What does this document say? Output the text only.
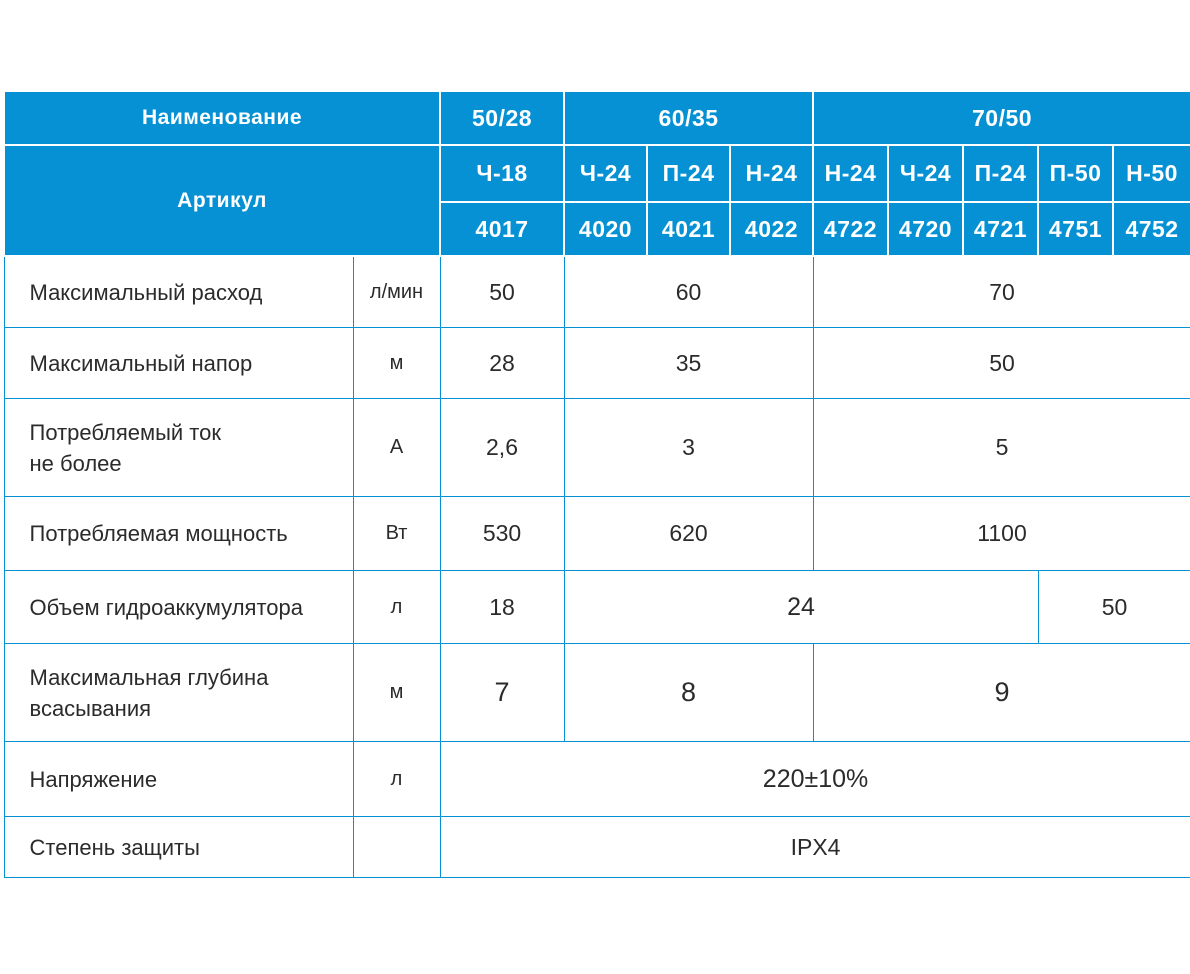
Наименование		50/28	60/35			70/50				
Артикул		Ч-18	Ч-24	П-24	Н-24	Н-24	Ч-24	П-24	П-50	Н-50
		4017	4020	4021	4022	4722	4720	4721	4751	4752
Максимальный расход	л/мин	50	60			70				
Максимальный напор	м	28	35			50				

Потребляемый ток
не более	А	2,6	3			5				
Потребляемая мощность	Вт	530	620			1100				
Объем гидроаккумулятора	л	18	24						50	

Максимальная глубина
всасывания	м	7	8			9				
Напряжение	л	220±10%								
Степень защиты		IPX4								
